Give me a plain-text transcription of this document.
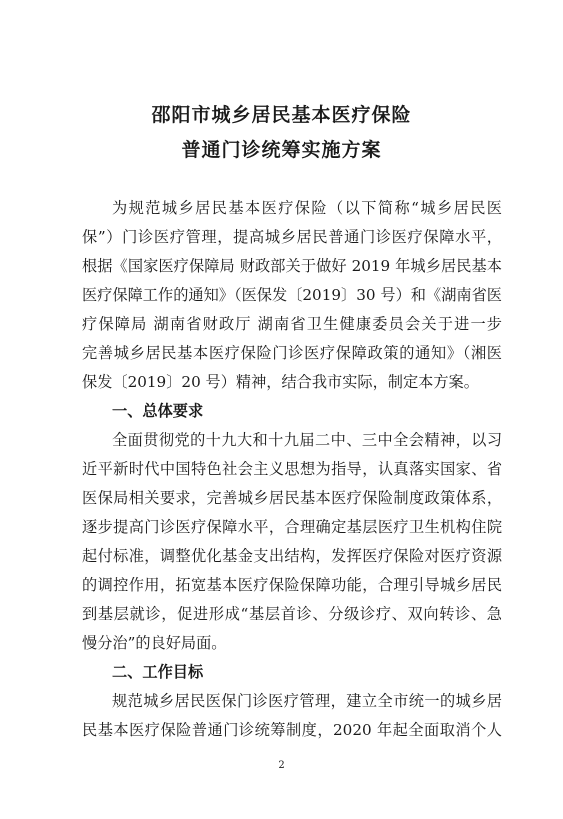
邵阳市城乡居民基本医疗保险
普通门诊统筹实施方案
为规范城乡居民基本医疗保险（以下简称“城乡居民医
保”）门诊医疗管理，提高城乡居民普通门诊医疗保障水平，
根据《国家医疗保障局 财政部关于做好 2019 年城乡居民基本
医疗保障工作的通知》（医保发〔2019〕30 号）和《湖南省医
疗保障局 湖南省财政厅 湖南省卫生健康委员会关于进一步
完善城乡居民基本医疗保险门诊医疗保障政策的通知》（湘医
保发〔2019〕20 号）精神，结合我市实际，制定本方案。
一、总体要求
全面贯彻党的十九大和十九届二中、三中全会精神，以习
近平新时代中国特色社会主义思想为指导，认真落实国家、省
医保局相关要求，完善城乡居民基本医疗保险制度政策体系，
逐步提高门诊医疗保障水平，合理确定基层医疗卫生机构住院
起付标准，调整优化基金支出结构，发挥医疗保险对医疗资源
的调控作用，拓宽基本医疗保险保障功能，合理引导城乡居民
到基层就诊，促进形成“基层首诊、分级诊疗、双向转诊、急
慢分治”的良好局面。
二、工作目标
规范城乡居民医保门诊医疗管理，建立全市统一的城乡居
民基本医疗保险普通门诊统筹制度，2020 年起全面取消个人
2
